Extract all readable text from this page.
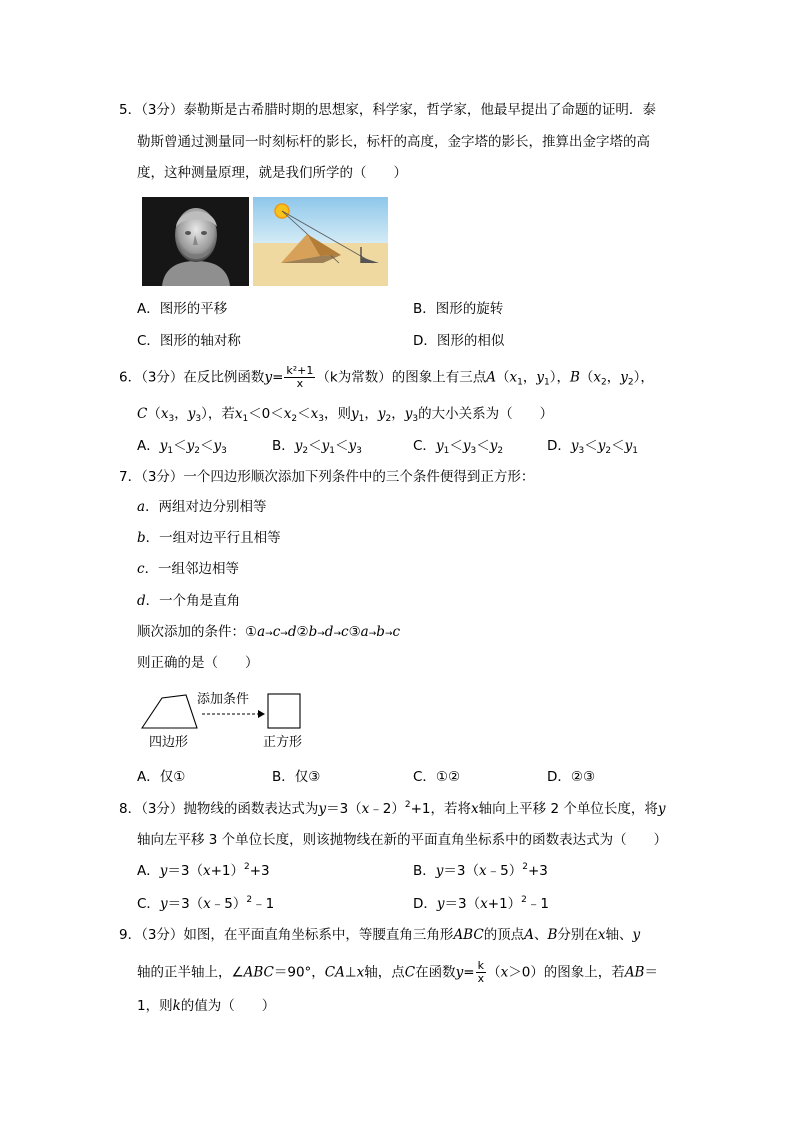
5．（3分）泰勒斯是古希腊时期的思想家，科学家，哲学家，他最早提出了命题的证明．泰
勒斯曾通过测量同一时刻标杆的影长，标杆的高度，金字塔的影长，推算出金字塔的高
度，这种测量原理，就是我们所学的（　　）
A．图形的平移	B．图形的旋转
C．图形的轴对称	D．图形的相似
6．（3分）在反比例函数$y= \frac{\text{k²+1}}{x} (k$为常数）的图象上有三点$A(x_1$，$y_1$），$B(x_2$，$y_2$），
$C(x_3$，$y_3$），若$x_1<0<x_2<x_3$，则$y_1$，$y_2$，$y_3$的大小关系为（　　）
A．$y_1<y_2<y_3$	B．$y_2<y_1<y_3$	C．$y_1<y_3<y_2$	D．$y_3<y_2<y_1$
7．（3分）一个四边形顺次添加下列条件中的三个条件便得到正方形：
a．两组对边分别相等
b．一组对边平行且相等
c．一组邻边相等
d．一个角是直角
顺次添加的条件：①a→c→d②b→d→c③a→b→c
则正确的是（　　）
添加条件
四边形	正方形
A．仅①	B．仅③	C．①②	D．②③
8．（3分）抛物线的函数表达式为y＝3（x﹣2）$^2$+1，若将x轴向上平移 2 个单位长度，将y
轴向左平移 3 个单位长度，则该抛物线在新的平面直角坐标系中的函数表达式为（　　）
A．$y=3(x+1)^2+3$	B．y＝3（x﹣5）$^2$+3
C．y＝3（x﹣5）$^2$﹣1	D．$y=3(x+1)^2﹣1$
9．（3分）如图，在平面直角坐标系中，等腰直角三角形ABC的顶点A、B分别在x轴、y
轴的正半轴上，∠ABC＝90°，CA⊥x轴，点C在函数$y= \frac{k}{x} (x>0)$的图象上，若AB＝
1，则k的值为（　　）
